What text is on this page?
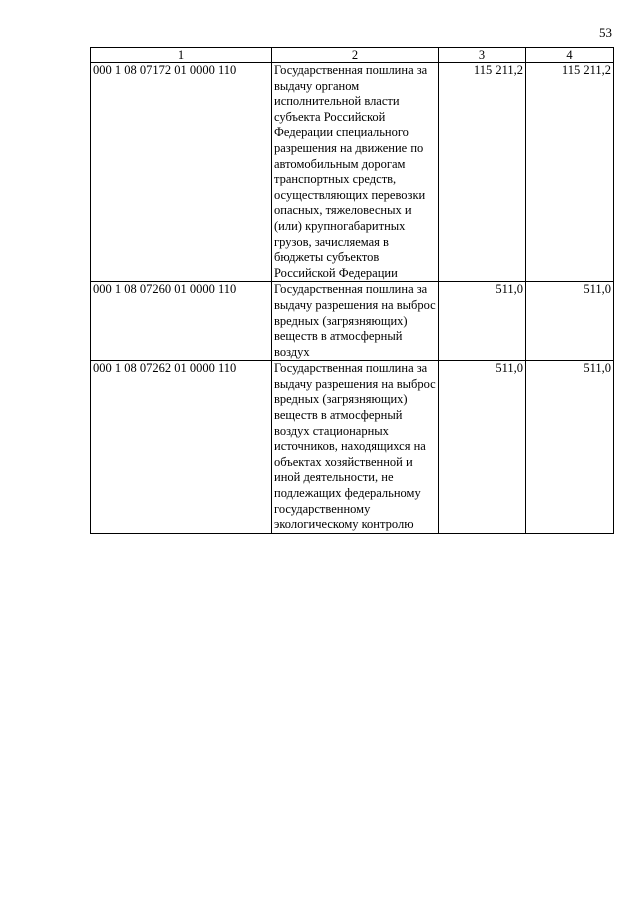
53
1	2	3	4
000 1 08 07172 01 0000 110	Государственная пошлина за выдачу органом исполнительной власти субъекта Российской Федерации специального разрешения на движение по автомобильным дорогам транспортных средств, осуществляющих перевозки опасных, тяжеловесных и (или) крупногабаритных грузов, зачисляемая в бюджеты субъектов Российской Федерации	115 211,2	115 211,2
000 1 08 07260 01 0000 110	Государственная пошлина за выдачу разрешения на выброс вредных (загрязняющих) веществ в атмосферный воздух	511,0	511,0
000 1 08 07262 01 0000 110	Государственная пошлина за выдачу разрешения на выброс вредных (загрязняющих) веществ в атмосферный воздух стационарных источников, находящихся на объектах хозяйственной и иной деятельности, не подлежащих федеральному государственному экологическому контролю	511,0	511,0
